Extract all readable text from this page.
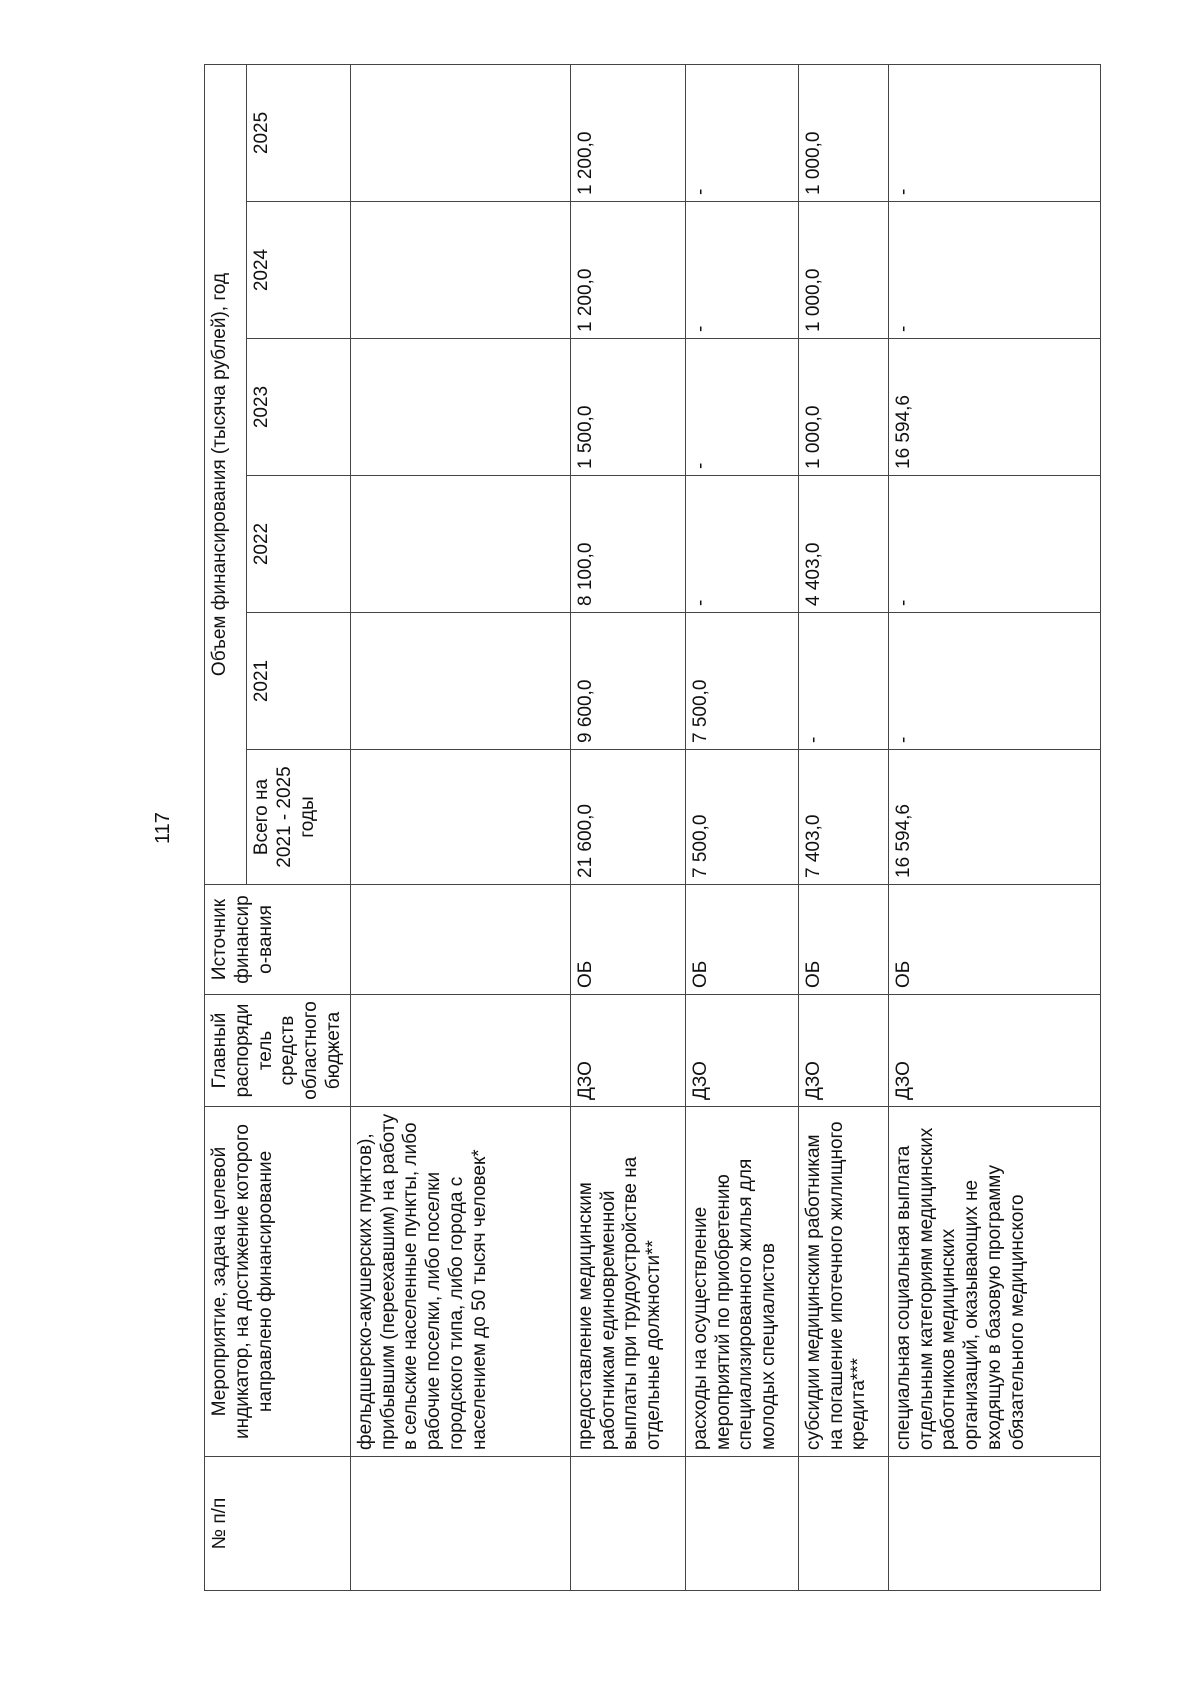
117
№ п/п	Мероприятие, задача целевой индикатор, на достижение которого направлено финансирование	Главный распорядитель средств областного бюджета	Источник финансиро-вания	Объем финансирования (тысяча рублей), год					
				Всего на 2021 - 2025 годы	2021	2022	2023	2024	2025
	фельдшерско-акушерских пунктов), прибывшим (переехавшим) на работу в сельские населенные пункты, либо рабочие поселки, либо поселки городского типа, либо города с населением до 50 тысяч человек*								
	предоставление медицинским работникам единовременной выплаты при трудоустройстве на отдельные должности**	ДЗО	ОБ	21 600,0	9 600,0	8 100,0	1 500,0	1 200,0	1 200,0
	расходы на осуществление мероприятий по приобретению специализированного жилья для молодых специалистов	ДЗО	ОБ	7 500,0	7 500,0	-	-	-	-
	субсидии медицинским работникам на погашение ипотечного жилищного кредита***	ДЗО	ОБ	7 403,0	-	4 403,0	1 000,0	1 000,0	1 000,0
	специальная социальная выплата отдельным категориям медицинских работников медицинских организаций, оказывающих не входящую в базовую программу обязательного медицинского	ДЗО	ОБ	16 594,6	-	-	16 594,6	-	-
